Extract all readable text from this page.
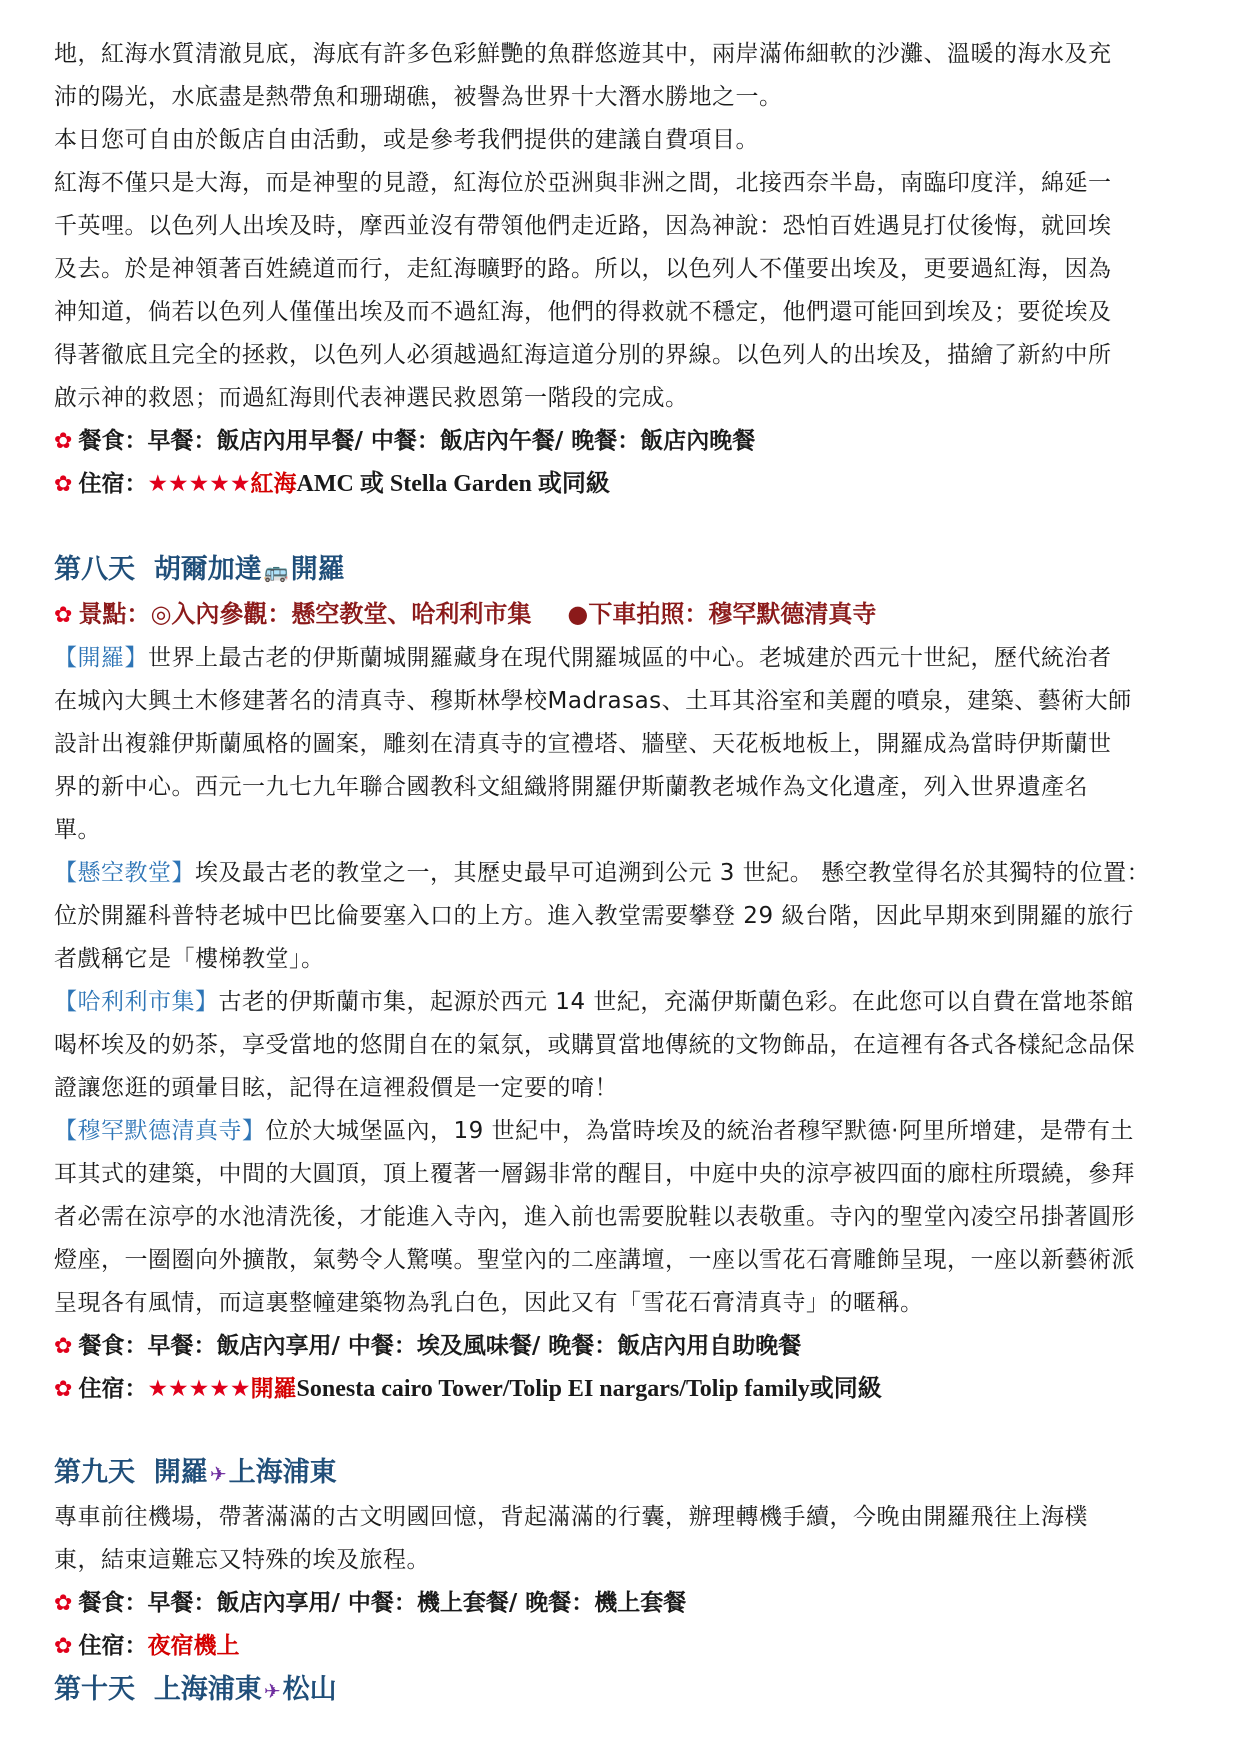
地，紅海水質清澈見底，海底有許多色彩鮮艷的魚群悠遊其中，兩岸滿佈細軟的沙灘、溫暖的海水及充

沛的陽光，水底盡是熱帶魚和珊瑚礁，被譽為世界十大潛水勝地之一。

本日您可自由於飯店自由活動，或是參考我們提供的建議自費項目。

紅海不僅只是大海，而是神聖的見證，紅海位於亞洲與非洲之間，北接西奈半島，南臨印度洋，綿延一

千英哩。以色列人出埃及時，摩西並沒有帶領他們走近路，因為神說：恐怕百姓遇見打仗後悔，就回埃

及去。於是神領著百姓繞道而行，走紅海曠野的路。所以，以色列人不僅要出埃及，更要過紅海，因為

神知道，倘若以色列人僅僅出埃及而不過紅海，他們的得救就不穩定，他們還可能回到埃及；要從埃及

得著徹底且完全的拯救，以色列人必須越過紅海這道分別的界線。以色列人的出埃及，描繪了新約中所

啟示神的救恩；而過紅海則代表神選民救恩第一階段的完成。

✿ 餐食：早餐：飯店內用早餐/ 中餐：飯店內午餐/ 晚餐：飯店內晚餐

✿ 住宿：★★★★★紅海AMC 或 Stella Garden 或同級

第八天 胡爾加達 🚌開羅

✿ 景點：◎入內參觀：懸空教堂、哈利利市集 ●下車拍照：穆罕默德清真寺

【開羅】世界上最古老的伊斯蘭城開羅藏身在現代開羅城區的中心。老城建於西元十世紀，歷代統治者

在城內大興土木修建著名的清真寺、穆斯林學校Madrasas、土耳其浴室和美麗的噴泉，建築、藝術大師

設計出複雜伊斯蘭風格的圖案，雕刻在清真寺的宣禮塔、牆壁、天花板地板上，開羅成為當時伊斯蘭世

界的新中心。西元一九七九年聯合國教科文組織將開羅伊斯蘭教老城作為文化遺產，列入世界遺產名

單。

【懸空教堂】埃及最古老的教堂之一，其歷史最早可追溯到公元 3 世紀。 懸空教堂得名於其獨特的位置：

位於開羅科普特老城中巴比倫要塞入口的上方。進入教堂需要攀登 29 級台階，因此早期來到開羅的旅行

者戲稱它是「樓梯教堂」。

【哈利利市集】古老的伊斯蘭市集，起源於西元 14 世紀，充滿伊斯蘭色彩。在此您可以自費在當地茶館

喝杯埃及的奶茶，享受當地的悠閒自在的氣氛，或購買當地傳統的文物飾品，在這裡有各式各樣紀念品保

證讓您逛的頭暈目眩，記得在這裡殺價是一定要的唷！

【穆罕默德清真寺】位於大城堡區內，19 世紀中，為當時埃及的統治者穆罕默德·阿里所增建，是帶有土

耳其式的建築，中間的大圓頂，頂上覆著一層錫非常的醒目，中庭中央的涼亭被四面的廊柱所環繞，參拜

者必需在涼亭的水池清洗後，才能進入寺內，進入前也需要脫鞋以表敬重。寺內的聖堂內凌空吊掛著圓形

燈座，一圈圈向外擴散，氣勢令人驚嘆。聖堂內的二座講壇，一座以雪花石膏雕飾呈現，一座以新藝術派

呈現各有風情，而這裏整幢建築物為乳白色，因此又有「雪花石膏清真寺」的暱稱。

✿ 餐食：早餐：飯店內享用/ 中餐：埃及風味餐/ 晚餐：飯店內用自助晚餐

✿ 住宿：★★★★★開羅Sonesta cairo Tower/Tolip EI nargars/Tolip family或同級

第九天 開羅 ✈上海浦東

專車前往機場，帶著滿滿的古文明國回憶，背起滿滿的行囊，辦理轉機手續，今晚由開羅飛往上海樸

東，結束這難忘又特殊的埃及旅程。

✿ 餐食：早餐：飯店內享用/ 中餐：機上套餐/ 晚餐：機上套餐

✿ 住宿：夜宿機上

第十天 上海浦東 ✈松山
